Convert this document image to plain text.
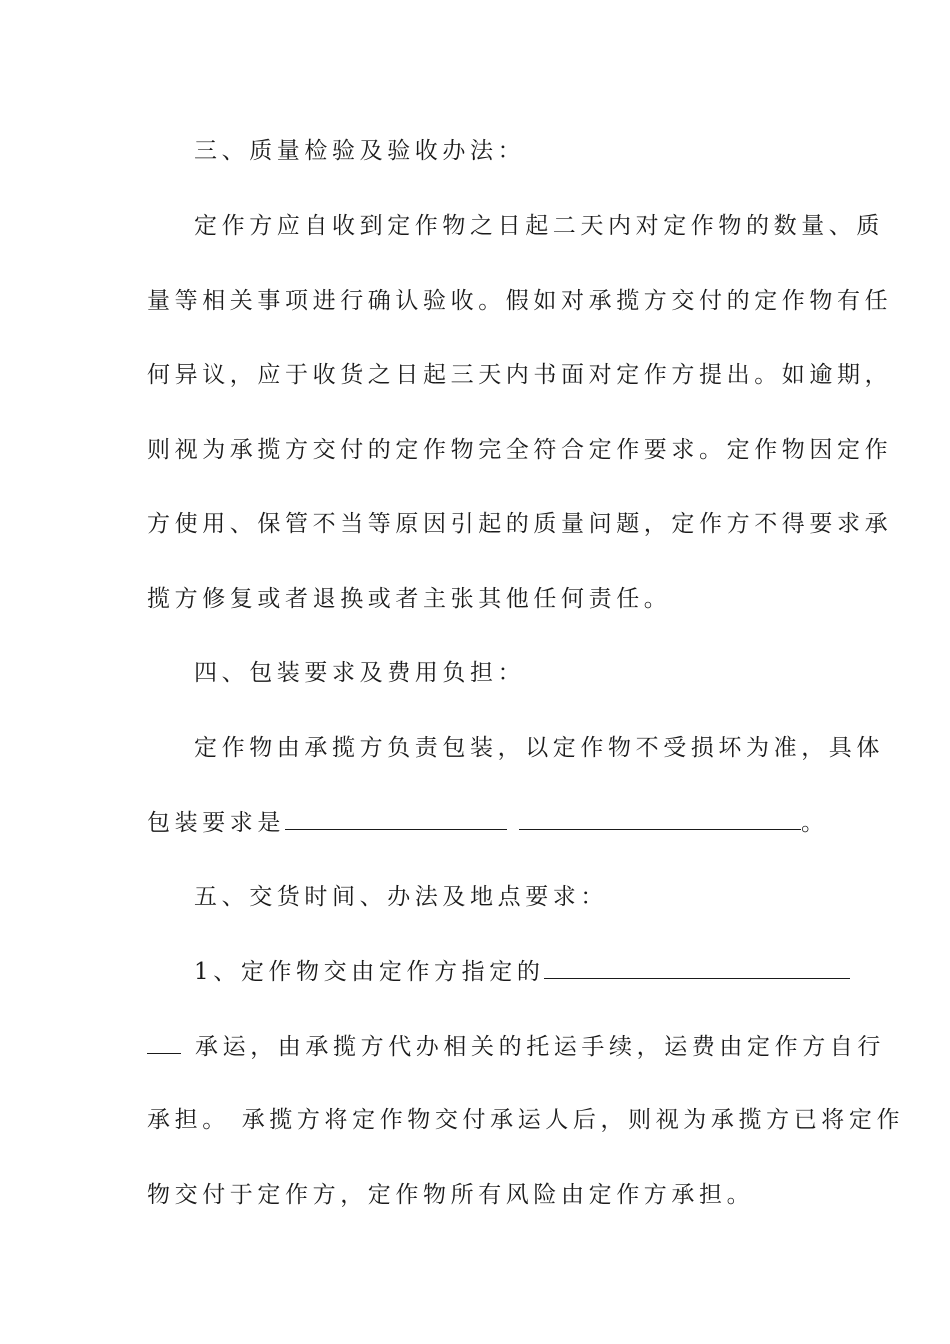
三、质量检验及验收办法：
定作方应自收到定作物之日起二天内对定作物的数量、质
量等相关事项进行确认验收。假如对承揽方交付的定作物有任
何异议，应于收货之日起三天内书面对定作方提出。如逾期，
则视为承揽方交付的定作物完全符合定作要求。定作物因定作
方使用、保管不当等原因引起的质量问题，定作方不得要求承
揽方修复或者退换或者主张其他任何责任。
四、包装要求及费用负担：
定作物由承揽方负责包装，以定作物不受损坏为准，具体
包装要求是	。
五、交货时间、办法及地点要求：
1、定作物交由定作方指定的
承运，由承揽方代办相关的托运手续，运费由定作方自行
承担。 承揽方将定作物交付承运人后，则视为承揽方已将定作
物交付于定作方，定作物所有风险由定作方承担。
